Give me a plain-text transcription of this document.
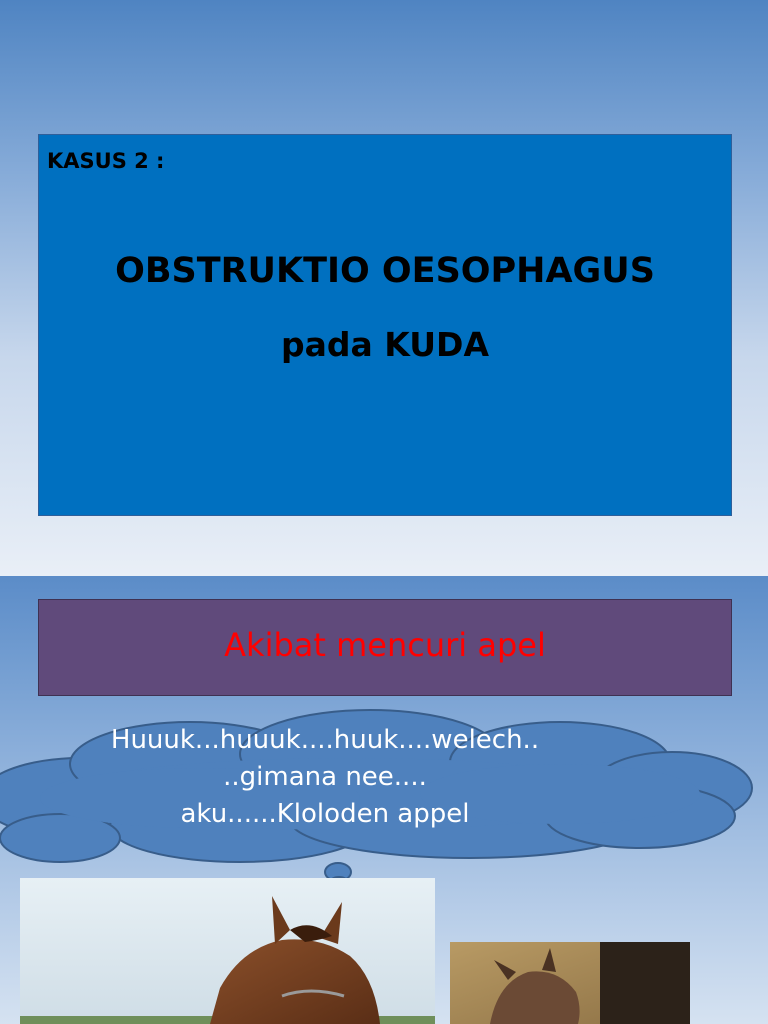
KASUS 2 :
OBSTRUKTIO OESOPHAGUS
pada KUDA
Akibat mencuri apel
Huuuk...huuuk....huuk....welech..
..gimana nee....
aku......Kloloden appel
